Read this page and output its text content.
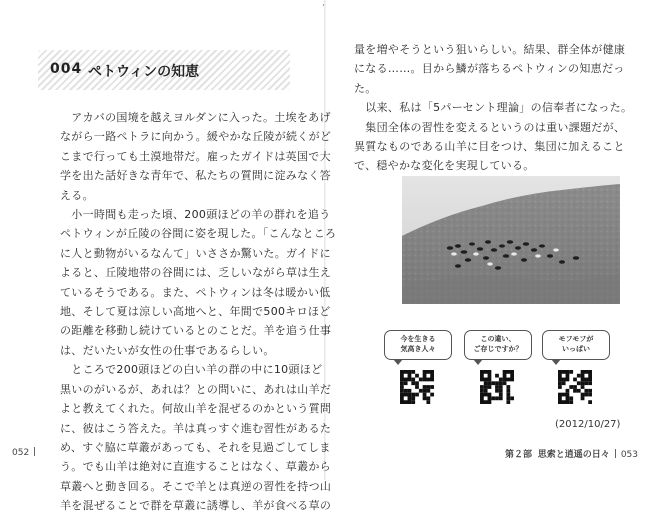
004 ペトウィンの知恵

　アカバの国境を越えヨルダンに入った。土埃をあげ
ながら一路ペトラに向かう。緩やかな丘陵が続くがど
こまで行っても土漠地帯だ。雇ったガイドは英国で大
学を出た話好きな青年で、私たちの質問に淀みなく答
える。

　小一時間も走った頃、200頭ほどの羊の群れを追う
ペトウィンが丘陵の谷間に姿を現した。「こんなところ
に人と動物がいるなんて」いささか驚いた。ガイドに
よると、丘陵地帯の谷間には、乏しいながら草は生え
ているそうである。また、ペトウィンは冬は暖かい低
地、そして夏は涼しい高地へと、年間で500キロほど
の距離を移動し続けているとのことだ。羊を追う仕事
は、だいたいが女性の仕事であるらしい。

　ところで200頭ほどの白い羊の群の中に10頭ほど
黒いのがいるが、あれは？との問いに、あれは山羊だ
よと教えてくれた。何故山羊を混ぜるのかという質問
に、彼はこう答えた。羊は真っすぐ進む習性があるた
め、すぐ脇に草叢があっても、それを見過ごしてしま
う。でも山羊は絶対に直進することはなく、草叢から
草叢へと動き回る。そこで羊とは真逆の習性を持つ山
羊を混ぜることで群を草叢に誘導し、羊が食べる草の

052

量を増やそうという狙いらしい。結果、群全体が健康
になる……。目から鱗が落ちるペトウィンの知恵だっ
た。

　以来、私は「5パーセント理論」の信奉者になった。

　集団全体の習性を変えるというのは重い課題だが、
異質なものである山羊に目をつけ、集団に加えること
で、穏やかな変化を実現している。

今を生きる
気高き人々
この違い、
ご存じですか？
モフモフが
いっぱい
(2012/10/27)
第２部 思索と逍遥の日々 053
